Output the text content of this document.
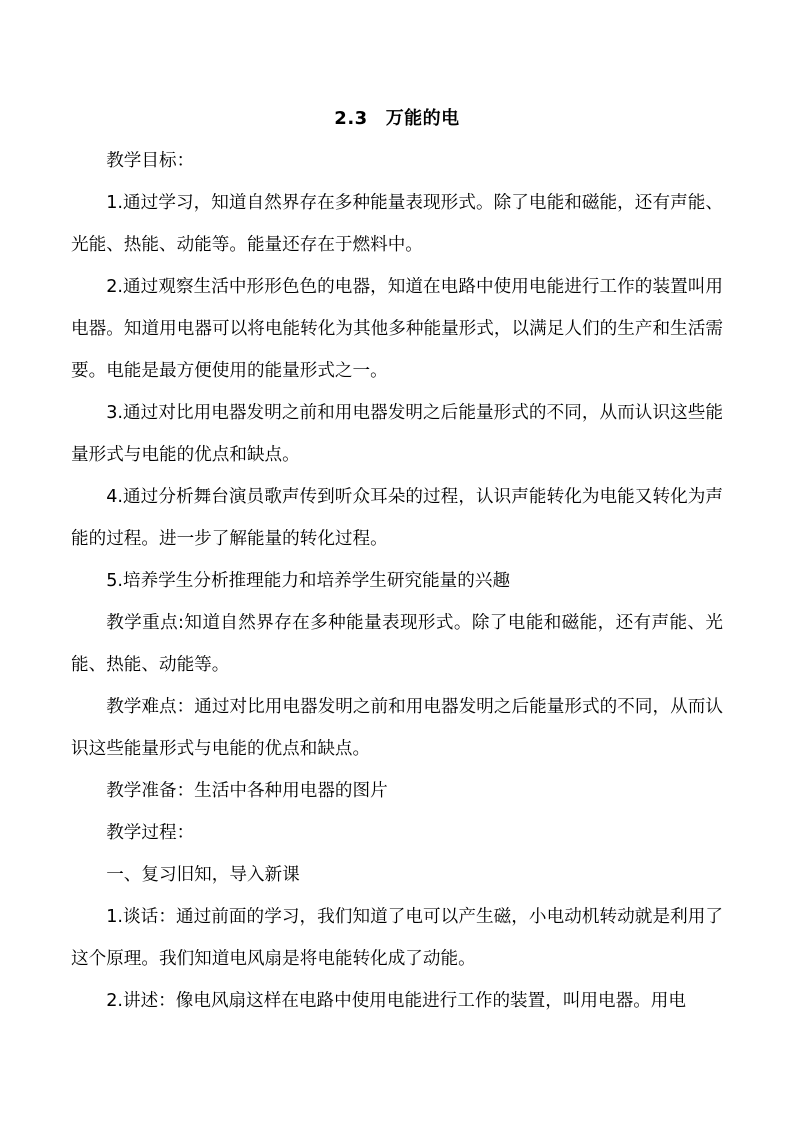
2.3 万能的电

教学目标：

1.通过学习，知道自然界存在多种能量表现形式。除了电能和磁能，还有声能、光能、热能、动能等。能量还存在于燃料中。

2.通过观察生活中形形色色的电器，知道在电路中使用电能进行工作的装置叫用电器。知道用电器可以将电能转化为其他多种能量形式，以满足人们的生产和生活需要。电能是最方便使用的能量形式之一。

3.通过对比用电器发明之前和用电器发明之后能量形式的不同，从而认识这些能量形式与电能的优点和缺点。

4.通过分析舞台演员歌声传到听众耳朵的过程，认识声能转化为电能又转化为声能的过程。进一步了解能量的转化过程。

5.培养学生分析推理能力和培养学生研究能量的兴趣

教学重点:知道自然界存在多种能量表现形式。除了电能和磁能，还有声能、光能、热能、动能等。

教学难点：通过对比用电器发明之前和用电器发明之后能量形式的不同，从而认识这些能量形式与电能的优点和缺点。

教学准备：生活中各种用电器的图片

教学过程：

一、复习旧知，导入新课

1.谈话：通过前面的学习，我们知道了电可以产生磁，小电动机转动就是利用了这个原理。我们知道电风扇是将电能转化成了动能。

2.讲述：像电风扇这样在电路中使用电能进行工作的装置，叫用电器。用电
